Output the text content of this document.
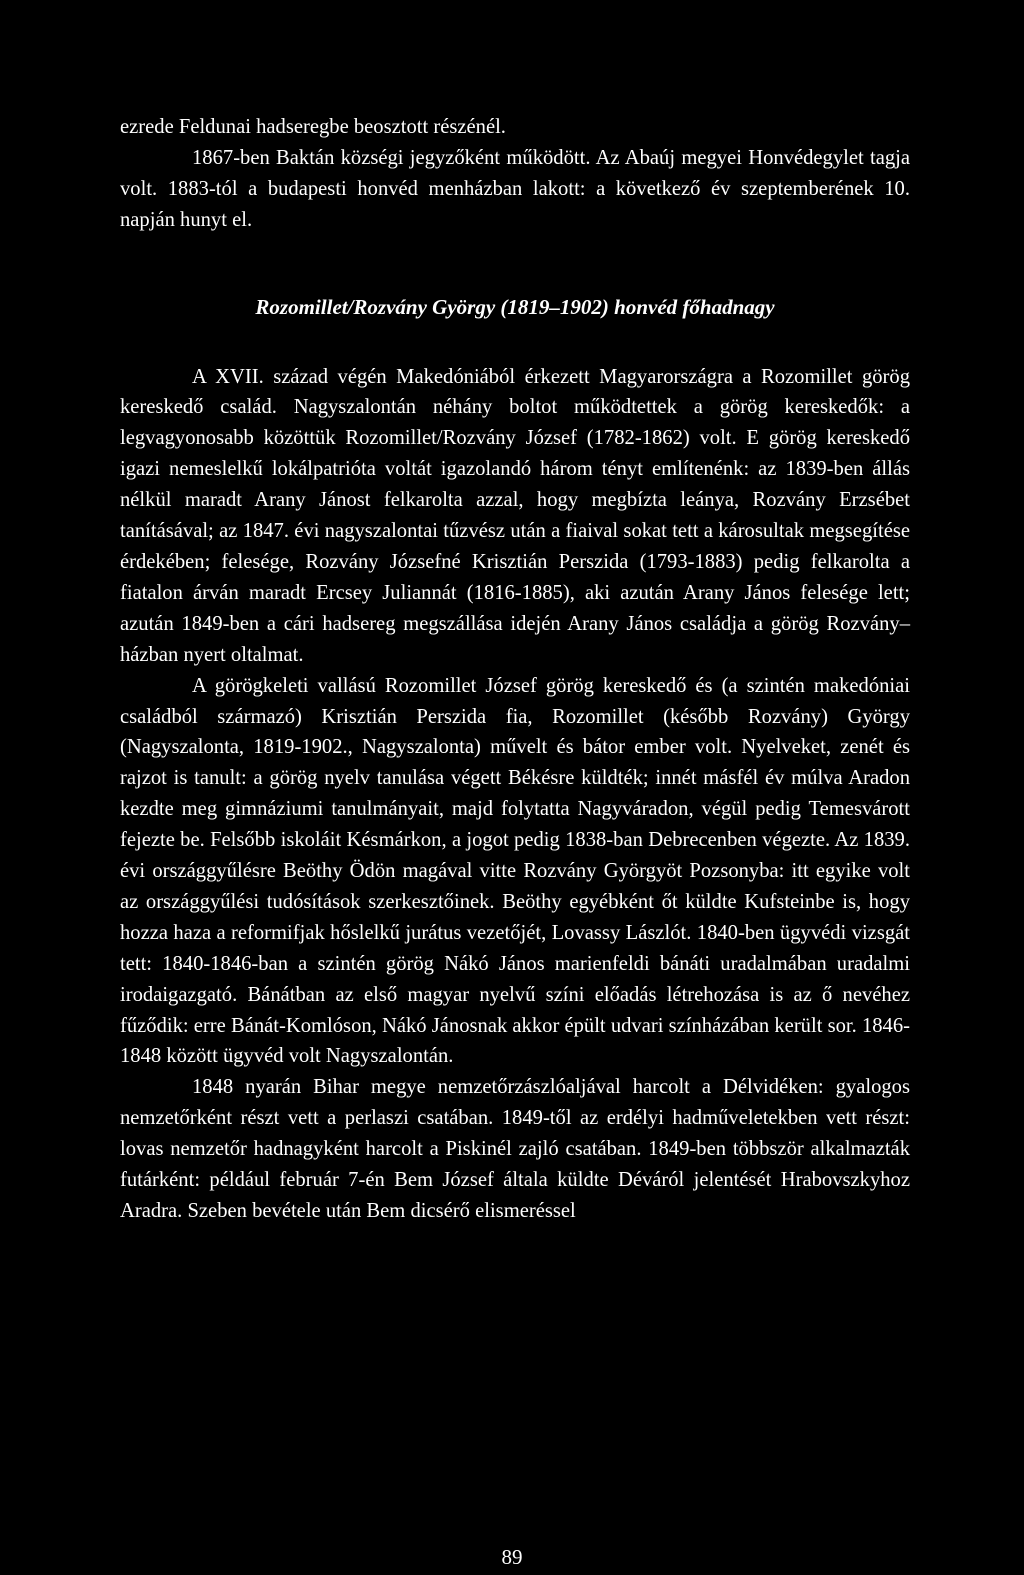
ezrede Feldunai hadseregbe beosztott részénél.

1867-ben Baktán községi jegyzőként működött. Az Abaúj megyei Honvédegylet tagja volt. 1883-tól a budapesti honvéd menházban lakott: a következő év szeptemberének 10. napján hunyt el.

Rozomillet/Rozvány György (1819–1902) honvéd főhadnagy

A XVII. század végén Makedóniából érkezett Magyarországra a Rozomillet görög kereskedő család. Nagyszalontán néhány boltot működtettek a görög kereskedők: a legvagyonosabb közöttük Rozomillet/Rozvány József (1782-1862) volt. E görög kereskedő igazi nemeslelkű lokálpatrióta voltát igazolandó három tényt említenénk: az 1839-ben állás nélkül maradt Arany Jánost felkarolta azzal, hogy megbízta leánya, Rozvány Erzsébet tanításával; az 1847. évi nagyszalontai tűzvész után a fiaival sokat tett a károsultak megsegítése érdekében; felesége, Rozvány Józsefné Krisztián Perszida (1793-1883) pedig felkarolta a fiatalon árván maradt Ercsey Juliannát (1816-1885), aki azután Arany János felesége lett; azután 1849-ben a cári hadsereg megszállása idején Arany János családja a görög Rozvány–házban nyert oltalmat.

A görögkeleti vallású Rozomillet József görög kereskedő és (a szintén makedóniai családból származó) Krisztián Perszida fia, Rozomillet (később Rozvány) György (Nagyszalonta, 1819-1902., Nagyszalonta) művelt és bátor ember volt. Nyelveket, zenét és rajzot is tanult: a görög nyelv tanulása végett Békésre küldték; innét másfél év múlva Aradon kezdte meg gimnáziumi tanulmányait, majd folytatta Nagyváradon, végül pedig Temesvárott fejezte be. Felsőbb iskoláit Késmárkon, a jogot pedig 1838-ban Debrecenben végezte. Az 1839. évi országgyűlésre Beöthy Ödön magával vitte Rozvány Györgyöt Pozsonyba: itt egyike volt az országgyűlési tudósítások szerkesztőinek. Beöthy egyébként őt küldte Kufsteinbe is, hogy hozza haza a reformifjak hőslelkű jurátus vezetőjét, Lovassy Lászlót. 1840-ben ügyvédi vizsgát tett: 1840-1846-ban a szintén görög Nákó János marienfeldi bánáti uradalmában uradalmi irodaigazgató. Bánátban az első magyar nyelvű színi előadás létrehozása is az ő nevéhez fűződik: erre Bánát-Komlóson, Nákó Jánosnak akkor épült udvari színházában került sor. 1846-1848 között ügyvéd volt Nagyszalontán.

1848 nyarán Bihar megye nemzetőrzászlóaljával harcolt a Délvidéken: gyalogos nemzetőrként részt vett a perlaszi csatában. 1849-től az erdélyi hadműveletekben vett részt: lovas nemzetőr hadnagyként harcolt a Piskinél zajló csatában. 1849-ben többször alkalmazták futárként: például február 7-én Bem József általa küldte Déváról jelentését Hrabovszkyhoz Aradra. Szeben bevétele után Bem dicsérő elismeréssel

89
